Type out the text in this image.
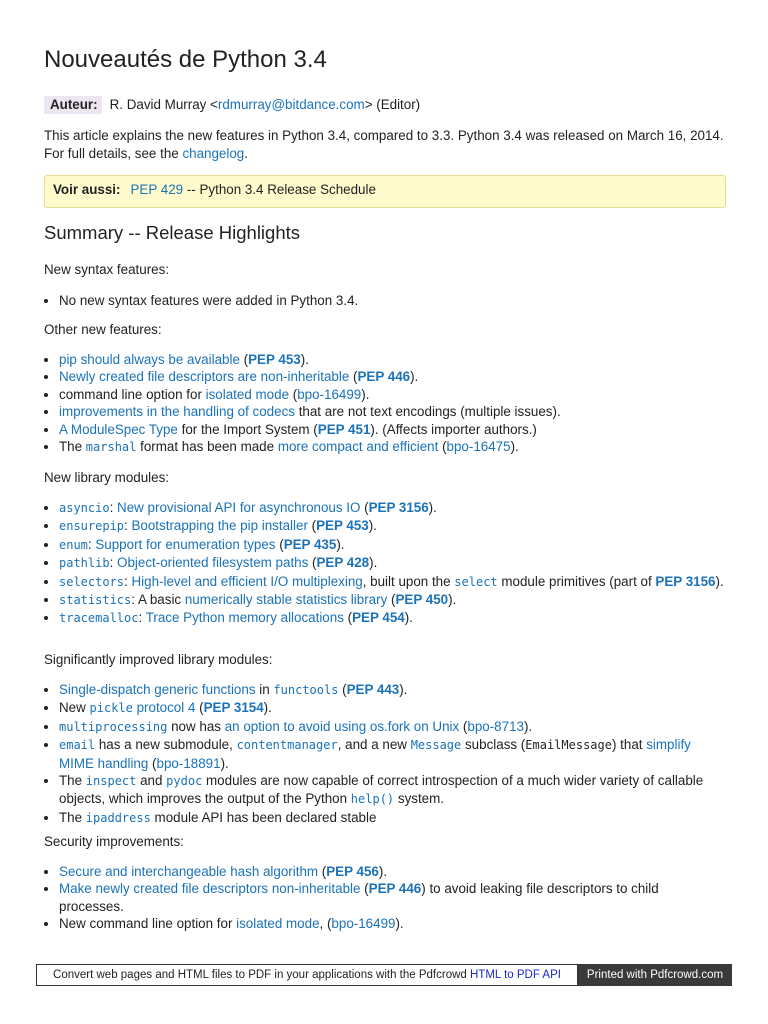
Nouveautés de Python 3.4
Auteur: R. David Murray <rdmurray@bitdance.com> (Editor)
This article explains the new features in Python 3.4, compared to 3.3. Python 3.4 was released on March 16, 2014. For full details, see the changelog.
Voir aussi: PEP 429 -- Python 3.4 Release Schedule
Summary -- Release Highlights
New syntax features:
• No new syntax features were added in Python 3.4.
Other new features:
• pip should always be available (PEP 453).
• Newly created file descriptors are non-inheritable (PEP 446).
• command line option for isolated mode (bpo-16499).
• improvements in the handling of codecs that are not text encodings (multiple issues).
• A ModuleSpec Type for the Import System (PEP 451). (Affects importer authors.)
• The marshal format has been made more compact and efficient (bpo-16475).
New library modules:
• asyncio: New provisional API for asynchronous IO (PEP 3156).
• ensurepip: Bootstrapping the pip installer (PEP 453).
• enum: Support for enumeration types (PEP 435).
• pathlib: Object-oriented filesystem paths (PEP 428).
• selectors: High-level and efficient I/O multiplexing, built upon the select module primitives (part of PEP 3156).
• statistics: A basic numerically stable statistics library (PEP 450).
• tracemalloc: Trace Python memory allocations (PEP 454).
Significantly improved library modules:
• Single-dispatch generic functions in functools (PEP 443).
• New pickle protocol 4 (PEP 3154).
• multiprocessing now has an option to avoid using os.fork on Unix (bpo-8713).
• email has a new submodule, contentmanager, and a new Message subclass (EmailMessage) that simplify MIME handling (bpo-18891).
• The inspect and pydoc modules are now capable of correct introspection of a much wider variety of callable objects, which improves the output of the Python help() system.
• The ipaddress module API has been declared stable
Security improvements:
• Secure and interchangeable hash algorithm (PEP 456).
• Make newly created file descriptors non-inheritable (PEP 446) to avoid leaking file descriptors to child processes.
• New command line option for isolated mode, (bpo-16499).
Convert web pages and HTML files to PDF in your applications with the Pdfcrowd HTML to PDF API	Printed with Pdfcrowd.com
